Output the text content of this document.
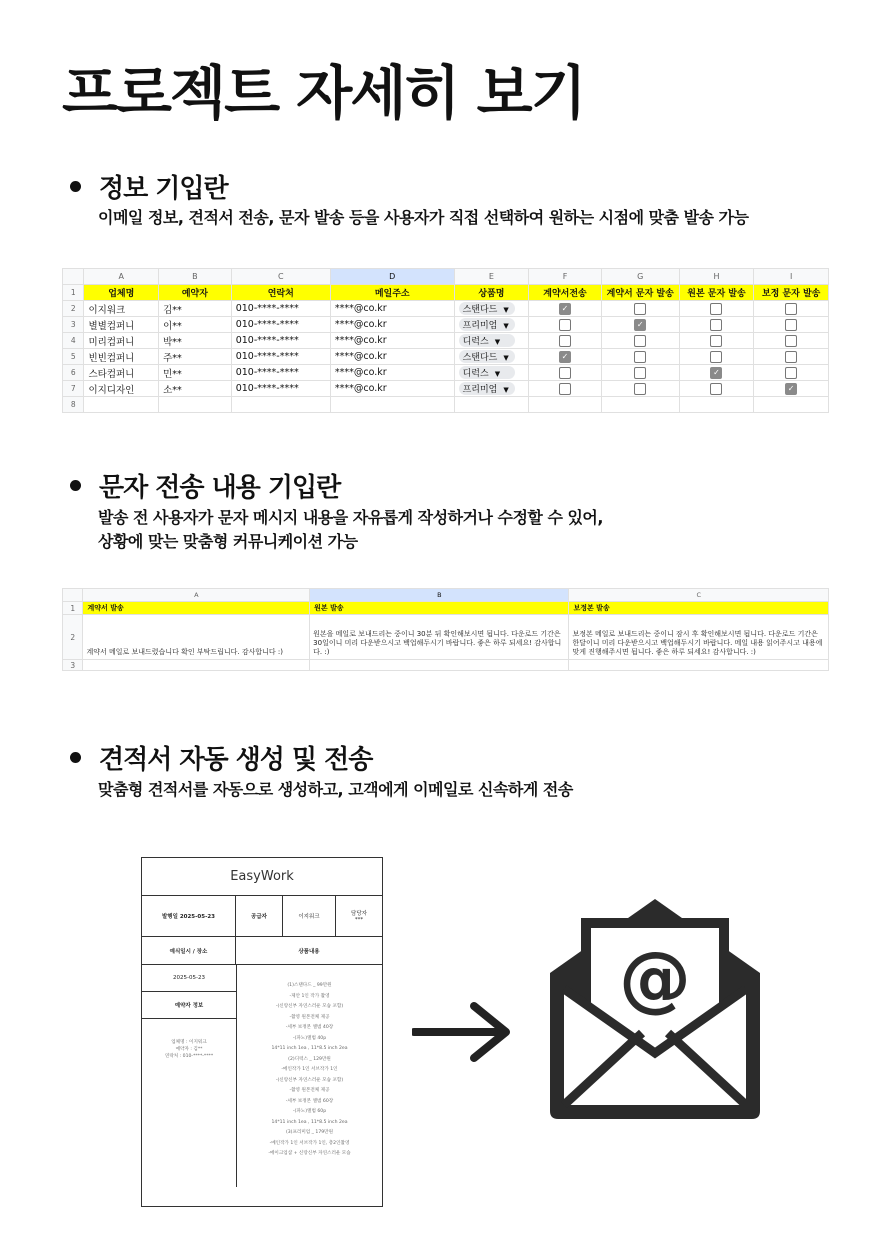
프로젝트 자세히 보기
정보 기입란
이메일 정보, 견적서 전송, 문자 발송 등을 사용자가 직접 선택하여 원하는 시점에 맞춤 발송 가능
	A	B	C	D	E	F	G	H	I
1	업체명	예약자	연락처	메일주소	상품명	계약서전송	계약서 문자 발송	원본 문자 발송	보정 문자 발송
2	이지워크	김**	010-****-****	****@co.kr	스탠다드 ▼	✓			
3	별별컴퍼니	이**	010-****-****	****@co.kr	프리미엄 ▼		✓		
4	미리컴퍼니	박**	010-****-****	****@co.kr	디럭스 ▼				
5	빈빈컴퍼니	주**	010-****-****	****@co.kr	스탠다드 ▼	✓			
6	스타컴퍼니	민**	010-****-****	****@co.kr	디럭스 ▼			✓	
7	이지디자인	소**	010-****-****	****@co.kr	프리미엄 ▼				✓
8									
문자 전송 내용 기입란
발송 전 사용자가 문자 메시지 내용을 자유롭게 작성하거나 수정할 수 있어,
상황에 맞는 맞춤형 커뮤니케이션 가능
	A	B	C
1	계약서 발송	원본 발송	보정본 발송
2	계약서 메일로 보내드렸습니다 확인 부탁드립니다. 감사합니다 :)	원본을 메일로 보내드리는 중이니 30분 뒤 확인해보시면 됩니다. 다운로드 기간은 30일이니 미리 다운받으시고 백업해두시기 바랍니다. 좋은 하루 되세요! 감사합니다. :)	보정본 메일로 보내드리는 중이니 잠시 후 확인해보시면 됩니다. 다운로드 기간은 한달이니 미리 다운받으시고 백업해두시기 바랍니다. 메일 내용 읽어주시고 내용에 맞게 진행해주시면 됩니다. 좋은 하루 되세요! 감사합니다. :)
3			
견적서 자동 생성 및 전송
맞춤형 견적서를 자동으로 생성하고, 고객에게 이메일로 신속하게 전송
EasyWork
발행일 2025-05-23	공급자	이지워크	담당자
***
예식일시 / 장소	상품내용
2025-05-23
예약자 정보
업체명 : 이지워크
예약자 : 김**
연락처 : 010-****-****
(1)스탠다드 _ 99만원
-제안 1인 작가 촬영
-(신랑신부 자연스러운 모습 포함)
-촬영 원본전체 제공
-세부 보정본 앨범 40장
-(파노)앨범 40p
14*11 inch 1ea , 11*8.5 inch 2ea
(2)디럭스 _ 129만원
-메인작가 1인 서브작가 1인
-(신랑신부 자연스러운 모습 포함)
-촬영 원본전체 제공
-세부 보정본 앨범 60장
-(파노)앨범 60p
14*11 inch 1ea , 11*8.5 inch 2ea
(3)프리미엄 _ 179만원
-메인작가 1인 서브작가 1인, 총2인촬영
-메이크업샵 + 신랑신부 자연스러운 모습
@
